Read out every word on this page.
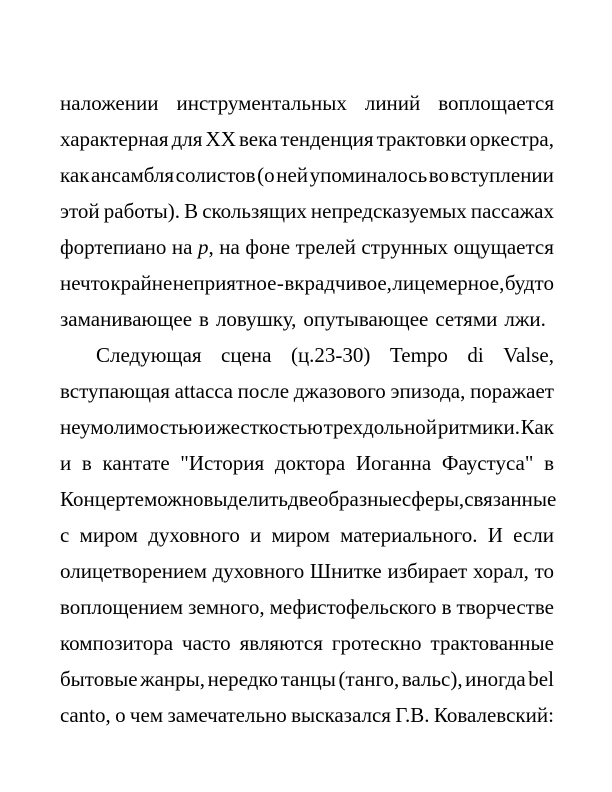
наложении инструментальных линий воплощается
характерная для XX века тенденция трактовки оркестра,
как ансамбля солистов (о ней упоминалось во вступлении
этой работы). В скользящих непредсказуемых пассажах
фортепиано на p, на фоне трелей струнных ощущается
нечто крайне неприятное - вкрадчивое, лицемерное, будто
заманивающее в ловушку, опутывающее сетями лжи.
Следующая сцена (ц.23-30) Tempo di Valse,
вступающая attacca после джазового эпизода, поражает
неумолимостью и жесткостью трехдольной ритмики. Как
и в кантате "История доктора Иоганна Фаустуса" в
Концерте можно выделить две образные сферы, связанные
с миром духовного и миром материального. И если
олицетворением духовного Шнитке избирает хорал, то
воплощением земного, мефистофельского в творчестве
композитора часто являются гротескно трактованные
бытовые жанры, нередко танцы (танго, вальс), иногда bel
canto, о чем замечательно высказался Г.В. Ковалевский:
